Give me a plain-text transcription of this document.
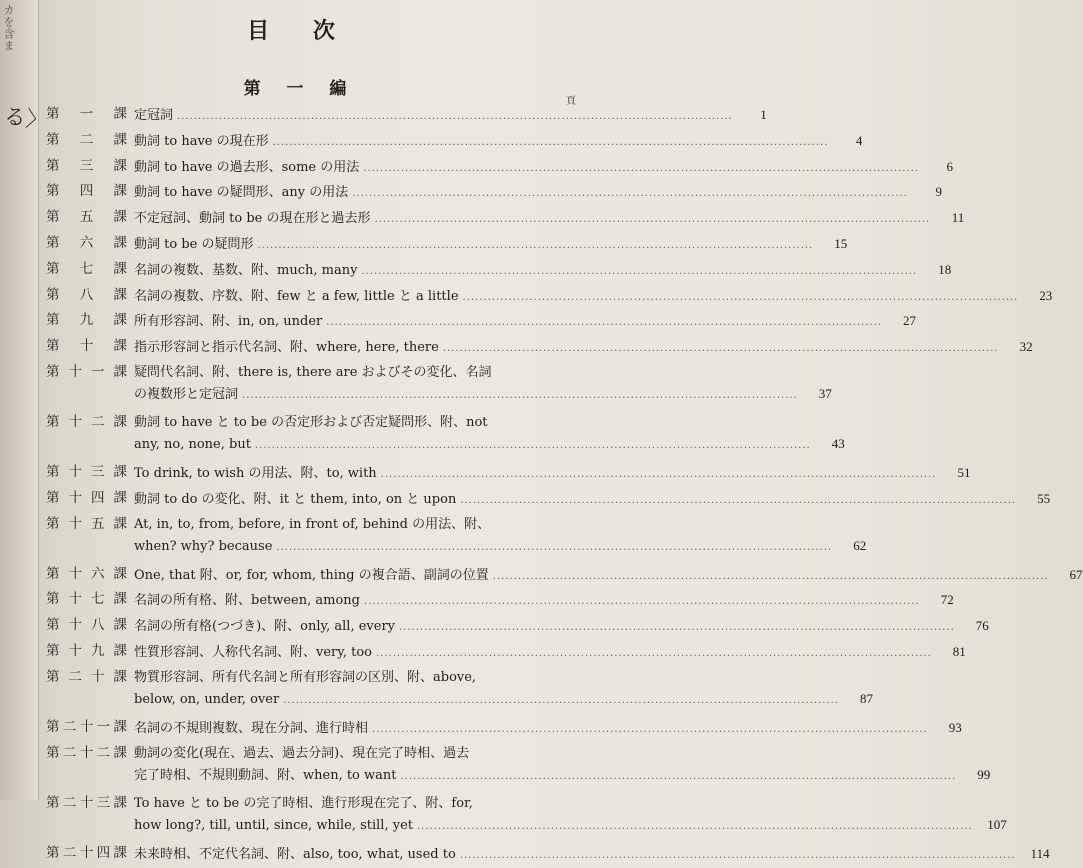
カを含ま
る〉
目 次
第 一 編
頁
第 一 課 定冠詞 .....	1
第 二 課 動詞 to have の現在形 .....	4
第 三 課 動詞 to have の過去形、some の用法 .....	6
第 四 課 動詞 to have の疑問形、any の用法 .....	9
第 五 課 不定冠詞、動詞 to be の現在形と過去形 .....	11
第 六 課 動詞 to be の疑問形 .....	15
第 七 課 名詞の複数、基数、附、much, many .....	18
第 八 課 名詞の複数、序数、附、few と a few, little と a little .....	23
第 九 課 所有形容詞、附、in, on, under .....	27
第 十 課 指示形容詞と指示代名詞、附、where, here, there .....	32
第十一課 疑問代名詞、附、there is, there are およびその変化、名詞
の複数形と定冠詞 .....	37
第 十 二 課 動詞 to have と to be の否定形および否定疑問形、附、not
any, no, none, but .....	43
第 十 三 課 To drink, to wish の用法、附、to, with .....	51
第 十 四 課 動詞 to do の変化、附、it と them, into, on と upon .....	55
第 十 五 課 At, in, to, from, before, in front of, behind の用法、附、
when? why? because .....	62
第 十 六 課 One, that 附、or, for, whom, thing の複合語、副詞の位置 .....	67
第 十 七 課 名詞の所有格、附、between, among .....	72
第 十 八 課 名詞の所有格(つづき)、附、only, all, every .....	76
第 十 九 課 性質形容詞、人称代名詞、附、very, too .....	81
第 二 十 課 物質形容詞、所有代名詞と所有形容詞の区別、附、above,
below, on, under, over .....	87
第二十一課 名詞の不規則複数、現在分詞、進行時相 .....	93
第二十二課 動詞の変化(現在、過去、過去分詞)、現在完了時相、過去
完了時相、不規則動詞、附、when, to want .....	99
第二十三課 To have と to be の完了時相、進行形現在完了、附、for,
how long?, till, until, since, while, still, yet .....	107
第二十四課 未来時相、不定代名詞、附、also, too, what, used to .....	114
